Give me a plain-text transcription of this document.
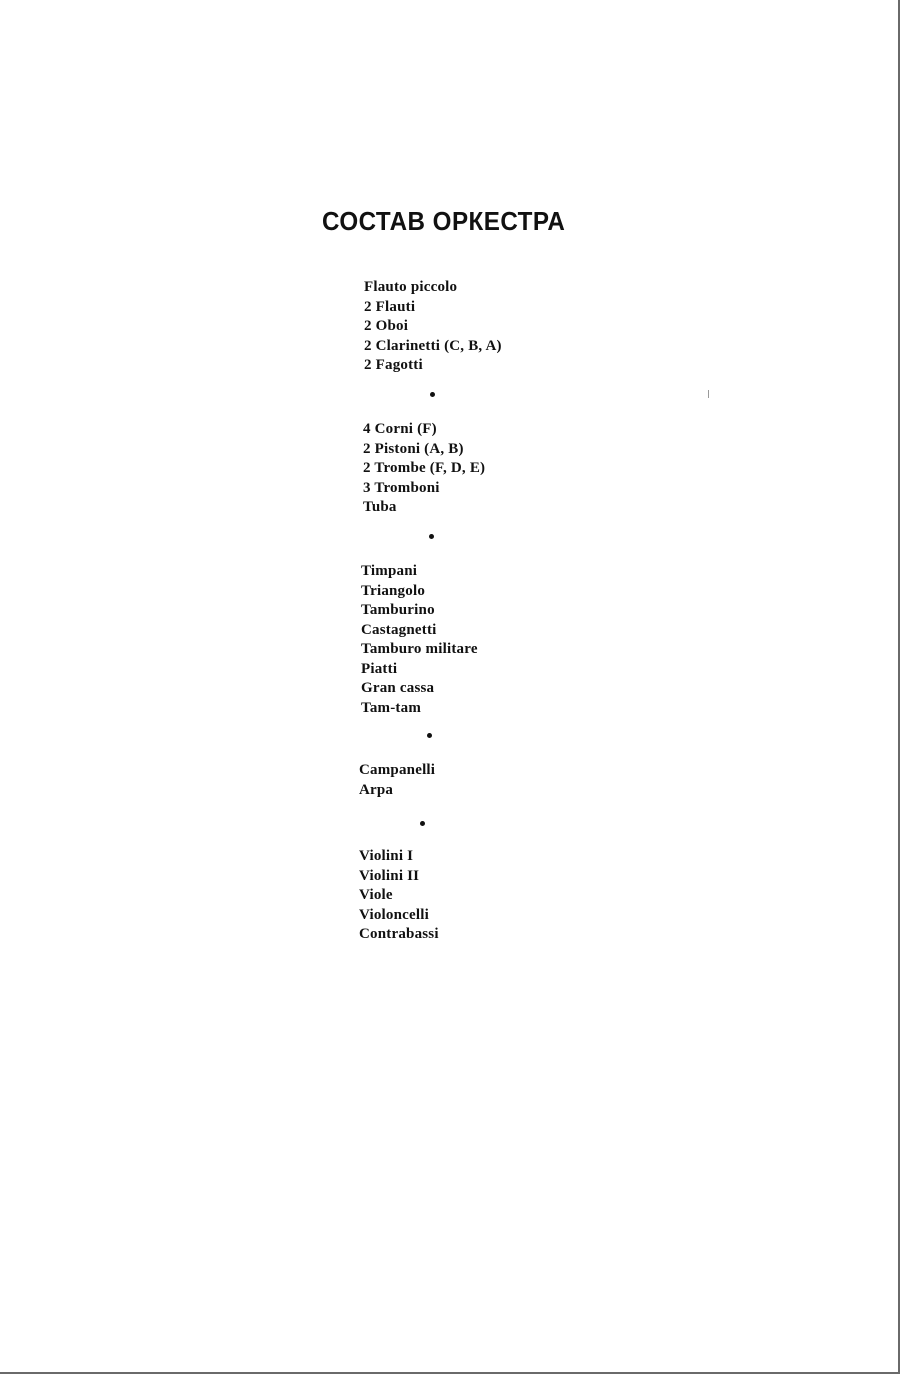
СОСТАВ ОРКЕСТРА
Flauto piccolo
2 Flauti
2 Oboi
2 Clarinetti (C, B, A)
2 Fagotti
4 Corni (F)
2 Pistoni (A, B)
2 Trombe (F, D, E)
3 Tromboni
Tuba
Timpani
Triangolo
Tamburino
Castagnetti
Tamburo militare
Piatti
Gran cassa
Tam-tam
Campanelli
Arpa
Violini I
Violini II
Viole
Violoncelli
Contrabassi
